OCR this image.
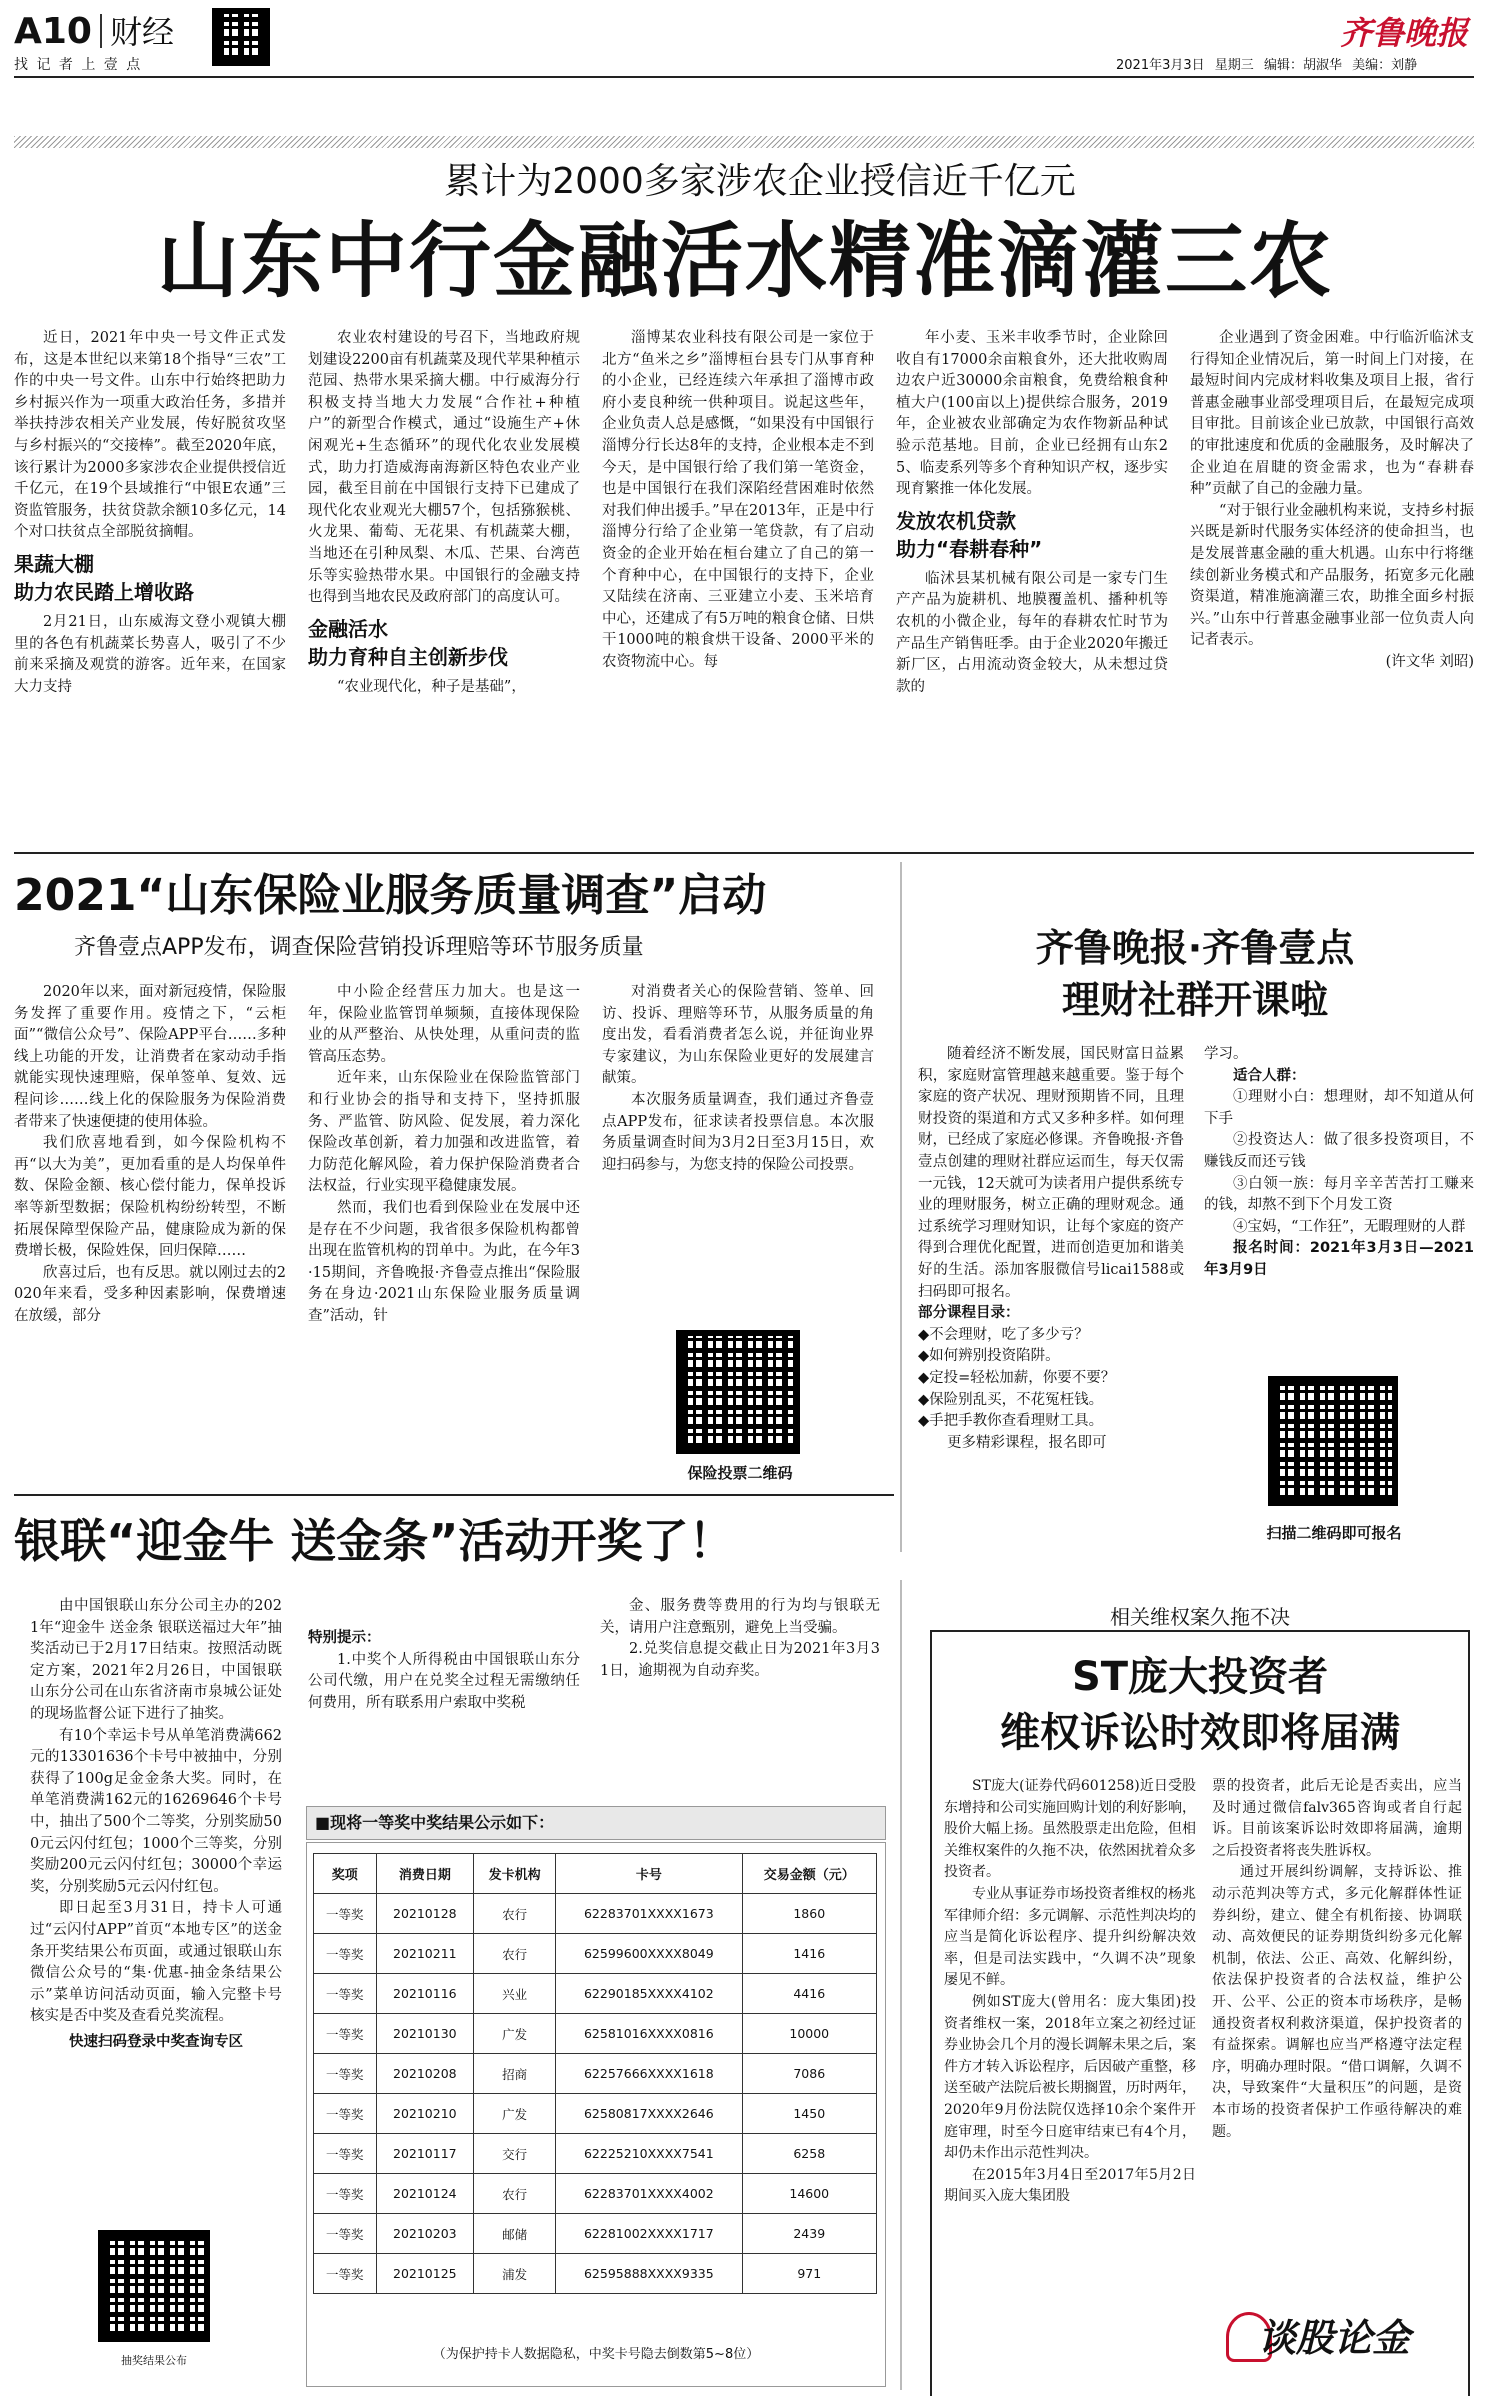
A10 财经
找 记 者 上 壹 点
齐鲁晚报
2021年3月3日 星期三 编辑：胡淑华 美编：刘静
累计为2000多家涉农企业授信近千亿元
山东中行金融活水精准滴灌三农

近日，2021年中央一号文件正式发布，这是本世纪以来第18个指导“三农”工作的中央一号文件。山东中行始终把助力乡村振兴作为一项重大政治任务，多措并举扶持涉农相关产业发展，传好脱贫攻坚与乡村振兴的“交接棒”。截至2020年底，该行累计为2000多家涉农企业提供授信近千亿元，在19个县域推行“中银E农通”三资监管服务，扶贫贷款余额10多亿元，14个对口扶贫点全部脱贫摘帽。

果蔬大棚
助力农民踏上增收路

2月21日，山东威海文登小观镇大棚里的各色有机蔬菜长势喜人，吸引了不少前来采摘及观赏的游客。近年来，在国家大力支持

农业农村建设的号召下，当地政府规划建设2200亩有机蔬菜及现代苹果种植示范园、热带水果采摘大棚。中行威海分行积极支持当地大力发展“合作社+种植户”的新型合作模式，通过“设施生产+休闲观光+生态循环”的现代化农业发展模式，助力打造威海南海新区特色农业产业园，截至目前在中国银行支持下已建成了现代化农业观光大棚57个，包括猕猴桃、火龙果、葡萄、无花果、有机蔬菜大棚，当地还在引种凤梨、木瓜、芒果、台湾芭乐等实验热带水果。中国银行的金融支持也得到当地农民及政府部门的高度认可。

金融活水
助力育种自主创新步伐

“农业现代化，种子是基础”，

淄博某农业科技有限公司是一家位于北方“鱼米之乡”淄博桓台县专门从事育种的小企业，已经连续六年承担了淄博市政府小麦良种统一供种项目。说起这些年，企业负责人总是感慨，“如果没有中国银行淄博分行长达8年的支持，企业根本走不到今天，是中国银行给了我们第一笔资金，也是中国银行在我们深陷经营困难时依然对我们伸出援手。”早在2013年，正是中行淄博分行给了企业第一笔贷款，有了启动资金的企业开始在桓台建立了自己的第一个育种中心，在中国银行的支持下，企业又陆续在济南、三亚建立小麦、玉米培育中心，还建成了有5万吨的粮食仓储、日烘干1000吨的粮食烘干设备、2000平米的农资物流中心。每

年小麦、玉米丰收季节时，企业除回收自有17000余亩粮食外，还大批收购周边农户近30000余亩粮食，免费给粮食种植大户(100亩以上)提供综合服务，2019年，企业被农业部确定为农作物新品种试验示范基地。目前，企业已经拥有山东25、临麦系列等多个育种知识产权，逐步实现育繁推一体化发展。

发放农机贷款
助力“春耕春种”

临沭县某机械有限公司是一家专门生产产品为旋耕机、地膜覆盖机、播种机等农机的小微企业，每年的春耕农忙时节为产品生产销售旺季。由于企业2020年搬迁新厂区，占用流动资金较大，从未想过贷款的

企业遇到了资金困难。中行临沂临沭支行得知企业情况后，第一时间上门对接，在最短时间内完成材料收集及项目上报，省行普惠金融事业部受理项目后，在最短完成项目审批。目前该企业已放款，中国银行高效的审批速度和优质的金融服务，及时解决了企业迫在眉睫的资金需求，也为“春耕春种”贡献了自己的金融力量。

“对于银行业金融机构来说，支持乡村振兴既是新时代服务实体经济的使命担当，也是发展普惠金融的重大机遇。山东中行将继续创新业务模式和产品服务，拓宽多元化融资渠道，精准施滴灌三农，助推全面乡村振兴。”山东中行普惠金融事业部一位负责人向记者表示。

(许文华 刘昭)
2021“山东保险业服务质量调查”启动
齐鲁壹点APP发布，调查保险营销投诉理赔等环节服务质量

2020年以来，面对新冠疫情，保险服务发挥了重要作用。疫情之下，“云柜面”“微信公众号”、保险APP平台……多种线上功能的开发，让消费者在家动动手指就能实现快速理赔，保单签单、复效、远程问诊……线上化的保险服务为保险消费者带来了快速便捷的使用体验。

我们欣喜地看到，如今保险机构不再“以大为美”，更加看重的是人均保单件数、保险金额、核心偿付能力，保单投诉率等新型数据；保险机构纷纷转型，不断拓展保障型保险产品，健康险成为新的保费增长极，保险姓保，回归保障……

欣喜过后，也有反思。就以刚过去的2020年来看，受多种因素影响，保费增速在放缓，部分

中小险企经营压力加大。也是这一年，保险业监管罚单频频，直接体现保险业的从严整治、从快处理，从重问责的监管高压态势。

近年来，山东保险业在保险监管部门和行业协会的指导和支持下，坚持抓服务、严监管、防风险、促发展，着力深化保险改革创新，着力加强和改进监管，着力防范化解风险，着力保护保险消费者合法权益，行业实现平稳健康发展。

然而，我们也看到保险业在发展中还是存在不少问题，我省很多保险机构都曾出现在监管机构的罚单中。为此，在今年3·15期间，齐鲁晚报·齐鲁壹点推出“保险服务在身边·2021山东保险业服务质量调查”活动，针

对消费者关心的保险营销、签单、回访、投诉、理赔等环节，从服务质量的角度出发，看看消费者怎么说，并征询业界专家建议，为山东保险业更好的发展建言献策。

本次服务质量调查，我们通过齐鲁壹点APP发布，征求读者投票信息。本次服务质量调查时间为3月2日至3月15日，欢迎扫码参与，为您支持的保险公司投票。

保险投票二维码
齐鲁晚报·齐鲁壹点
理财社群开课啦

随着经济不断发展，国民财富日益累积，家庭财富管理越来越重要。鉴于每个家庭的资产状况、理财预期皆不同，且理财投资的渠道和方式又多种多样。如何理财，已经成了家庭必修课。齐鲁晚报·齐鲁壹点创建的理财社群应运而生，每天仅需一元钱，12天就可为读者用户提供系统专业的理财服务，树立正确的理财观念。通过系统学习理财知识，让每个家庭的资产得到合理优化配置，进而创造更加和谐美好的生活。添加客服微信号licai1588或扫码即可报名。

部分课程目录：
◆不会理财，吃了多少亏？
◆如何辨别投资陷阱。
◆定投=轻松加薪，你要不要？
◆保险别乱买，不花冤枉钱。
◆手把手教你查看理财工具。

更多精彩课程，报名即可

学习。
适合人群：

①理财小白：想理财，却不知道从何下手

②投资达人：做了很多投资项目，不赚钱反而还亏钱

③白领一族：每月辛辛苦苦打工赚来的钱，却熬不到下个月发工资

④宝妈，“工作狂”，无暇理财的人群

报名时间：2021年3月3日—2021年3月9日

扫描二维码即可报名
银联“迎金牛 送金条”活动开奖了！

由中国银联山东分公司主办的2021年“迎金牛 送金条 银联送福过大年”抽奖活动已于2月17日结束。按照活动既定方案，2021年2月26日，中国银联山东分公司在山东省济南市泉城公证处的现场监督公证下进行了抽奖。

有10个幸运卡号从单笔消费满662元的13301636个卡号中被抽中，分别获得了100g足金金条大奖。同时，在单笔消费满162元的16269646个卡号中，抽出了500个二等奖，分别奖励500元云闪付红包；1000个三等奖，分别奖励200元云闪付红包；30000个幸运奖，分别奖励5元云闪付红包。

即日起至3月31日，持卡人可通过“云闪付APP”首页“本地专区”的送金条开奖结果公布页面，或通过银联山东微信公众号的“集·优惠-抽金条结果公示”菜单访问活动页面，输入完整卡号核实是否中奖及查看兑奖流程。

快速扫码登录中奖查询专区
抽奖结果公布
特别提示：

1.中奖个人所得税由中国银联山东分公司代缴，用户在兑奖全过程无需缴纳任何费用，所有联系用户索取中奖税

金、服务费等费用的行为均与银联无关，请用户注意甄别，避免上当受骗。

2.兑奖信息提交截止日为2021年3月31日，逾期视为自动弃奖。

■现将一等奖中奖结果公示如下：
奖项	消费日期	发卡机构	卡号	交易金额（元）
一等奖	20210128	农行	62283701XXXX1673	1860
一等奖	20210211	农行	62599600XXXX8049	1416
一等奖	20210116	兴业	62290185XXXX4102	4416
一等奖	20210130	广发	62581016XXXX0816	10000
一等奖	20210208	招商	62257666XXXX1618	7086
一等奖	20210210	广发	62580817XXXX2646	1450
一等奖	20210117	交行	62225210XXXX7541	6258
一等奖	20210124	农行	62283701XXXX4002	14600
一等奖	20210203	邮储	62281002XXXX1717	2439
一等奖	20210125	浦发	62595888XXXX9335	971
（为保护持卡人数据隐私，中奖卡号隐去倒数第5~8位）
相关维权案久拖不决
ST庞大投资者
维权诉讼时效即将届满

ST庞大(证券代码601258)近日受股东增持和公司实施回购计划的利好影响，股价大幅上扬。虽然股票走出危险，但相关维权案件的久拖不决，依然困扰着众多投资者。

专业从事证券市场投资者维权的杨兆军律师介绍：多元调解、示范性判决均的应当是简化诉讼程序、提升纠纷解决效率，但是司法实践中，“久调不决”现象屡见不鲜。

例如ST庞大(曾用名：庞大集团)投资者维权一案，2018年立案之初经过证券业协会几个月的漫长调解未果之后，案件方才转入诉讼程序，后因破产重整，移送至破产法院后被长期搁置，历时两年，2020年9月份法院仅选择10余个案件开庭审理，时至今日庭审结束已有4个月，却仍未作出示范性判决。

在2015年3月4日至2017年5月2日期间买入庞大集团股

票的投资者，此后无论是否卖出，应当及时通过微信falv365咨询或者自行起诉。目前该案诉讼时效即将届满，逾期之后投资者将丧失胜诉权。

通过开展纠纷调解，支持诉讼、推动示范判决等方式，多元化解群体性证券纠纷，建立、健全有机衔接、协调联动、高效便民的证券期货纠纷多元化解机制，依法、公正、高效、化解纠纷，依法保护投资者的合法权益，维护公开、公平、公正的资本市场秩序，是畅通投资者权利救济渠道，保护投资者的有益探索。调解也应当严格遵守法定程序，明确办理时限。“借口调解，久调不决，导致案件“大量积压”的问题，是资本市场的投资者保护工作亟待解决的难题。

谈股论金
